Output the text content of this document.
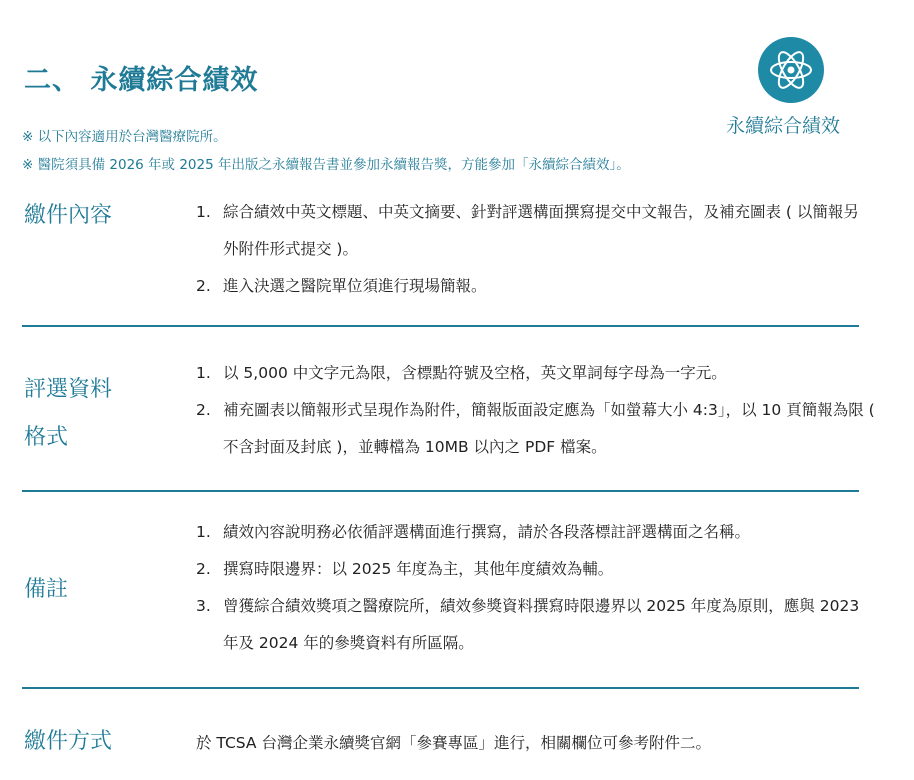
二、 永續綜合績效
永續綜合績效
※ 以下內容適用於台灣醫療院所。
※ 醫院須具備 2026 年或 2025 年出版之永續報告書並參加永續報告獎，方能參加「永續綜合績效」。
繳件內容	1. 綜合績效中英文標題、中英文摘要、針對評選構面撰寫提交中文報告，及補充圖表 ( 以簡報另外附件形式提交 )。
2. 進入決選之醫院單位須進行現場簡報。
評選資料
格式
1. 以 5,000 中文字元為限，含標點符號及空格，英文單詞每字母為一字元。
2. 補充圖表以簡報形式呈現作為附件，簡報版面設定應為「如螢幕大小 4:3」，以 10 頁簡報為限 ( 不含封面及封底 )，並轉檔為 10MB 以內之 PDF 檔案。
備註
1. 績效內容說明務必依循評選構面進行撰寫，請於各段落標註評選構面之名稱。
2. 撰寫時限邊界：以 2025 年度為主，其他年度績效為輔。
3. 曾獲綜合績效獎項之醫療院所，績效參獎資料撰寫時限邊界以 2025 年度為原則，應與 2023 年及 2024 年的參獎資料有所區隔。
繳件方式	於 TCSA 台灣企業永續獎官網「參賽專區」進行，相關欄位可參考附件二。
